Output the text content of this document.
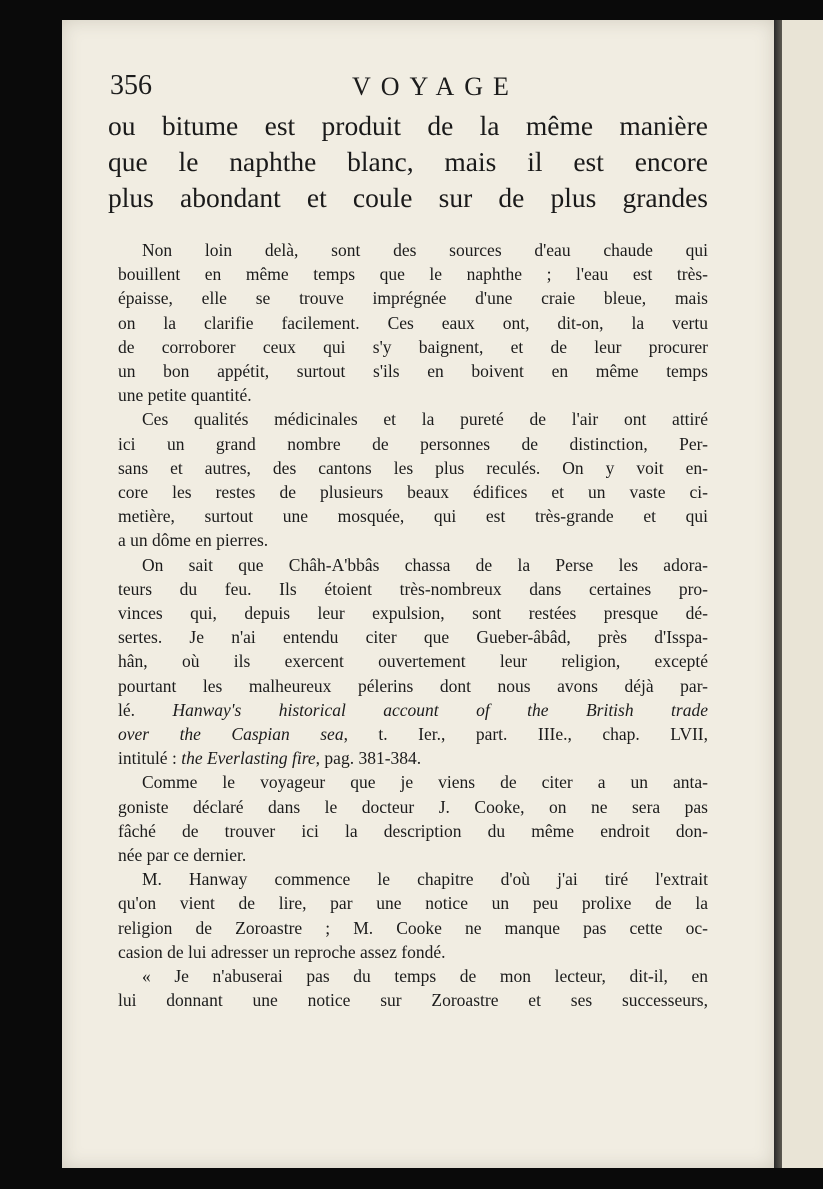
356	VOYAGE
ou bitume est produit de la même manière
que le naphthe blanc, mais il est encore
plus abondant et coule sur de plus grandes
Non loin delà, sont des sources d'eau chaude qui
bouillent en même temps que le naphthe ; l'eau est très-
épaisse, elle se trouve imprégnée d'une craie bleue, mais
on la clarifie facilement. Ces eaux ont, dit-on, la vertu
de corroborer ceux qui s'y baignent, et de leur procurer
un bon appétit, surtout s'ils en boivent en même temps
une petite quantité.
Ces qualités médicinales et la pureté de l'air ont attiré
ici un grand nombre de personnes de distinction, Per-
sans et autres, des cantons les plus reculés. On y voit en-
core les restes de plusieurs beaux édifices et un vaste ci-
metière, surtout une mosquée, qui est très-grande et qui
a un dôme en pierres.
On sait que Châh-A'bbâs chassa de la Perse les adora-
teurs du feu. Ils étoient très-nombreux dans certaines pro-
vinces qui, depuis leur expulsion, sont restées presque dé-
sertes. Je n'ai entendu citer que Gueber-âbâd, près d'Isspa-
hân, où ils exercent ouvertement leur religion, excepté
pourtant les malheureux pélerins dont nous avons déjà par-
lé. Hanway's historical account of the British trade
over the Caspian sea, t. Ier., part. IIIe., chap. LVII,
intitulé : the Everlasting fire, pag. 381-384.
Comme le voyageur que je viens de citer a un anta-
goniste déclaré dans le docteur J. Cooke, on ne sera pas
fâché de trouver ici la description du même endroit don-
née par ce dernier.
M. Hanway commence le chapitre d'où j'ai tiré l'extrait
qu'on vient de lire, par une notice un peu prolixe de la
religion de Zoroastre ; M. Cooke ne manque pas cette oc-
casion de lui adresser un reproche assez fondé.
« Je n'abuserai pas du temps de mon lecteur, dit-il, en
lui donnant une notice sur Zoroastre et ses successeurs,
